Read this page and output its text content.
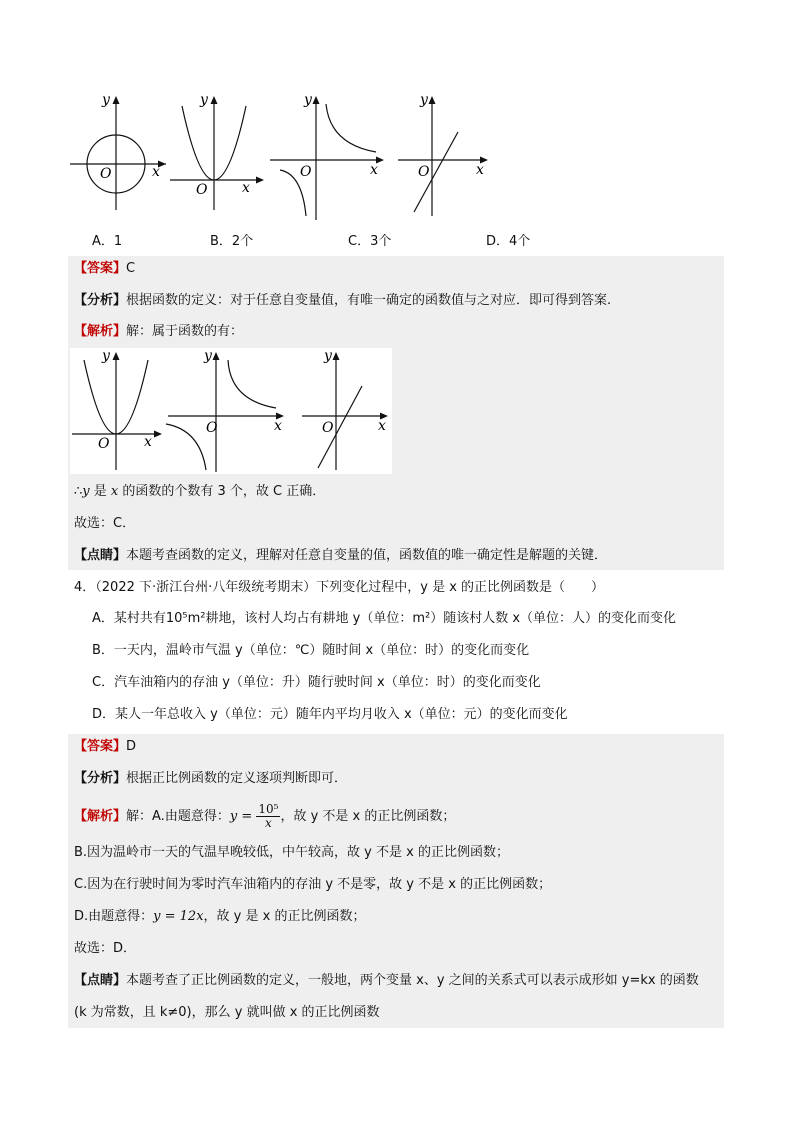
y
x
O
y
x
O
y
x
O
y
x
O
A．1	B．2个	C．3个	D．4个
【答案】C
【分析】根据函数的定义：对于任意自变量值，有唯一确定的函数值与之对应．即可得到答案.
【解析】解：属于函数的有：
y
x
O
y
x
O
y
x
O
∴y 是 x 的函数的个数有 3 个，故 C 正确．
故选：C．
【点睛】本题考查函数的定义，理解对任意自变量的值，函数值的唯一确定性是解题的关键．
4．（2022 下·浙江台州·八年级统考期末）下列变化过程中，y 是 x 的正比例函数是（　　）
A．某村共有10⁵m²耕地，该村人均占有耕地 y（单位：m²）随该村人数 x（单位：人）的变化而变化
B．一天内，温岭市气温 y（单位：℃）随时间 x（单位：时）的变化而变化
C．汽车油箱内的存油 y（单位：升）随行驶时间 x（单位：时）的变化而变化
D．某人一年总收入 y（单位：元）随年内平均月收入 x（单位：元）的变化而变化
【答案】D
【分析】根据正比例函数的定义逐项判断即可．
【解析】解：A.由题意得：$y = \frac{\text{10⁵}}{x}$ ，故 y 不是 x 的正比例函数；
B.因为温岭市一天的气温早晚较低，中午较高，故 y 不是 x 的正比例函数；
C.因为在行驶时间为零时汽车油箱内的存油 y 不是零，故 y 不是 x 的正比例函数；
D.由题意得：y = 12x，故 y 是 x 的正比例函数；
故选：D．
【点睛】本题考查了正比例函数的定义，一般地，两个变量 x、y 之间的关系式可以表示成形如 y=kx 的函数
(k 为常数，且 k≠0)，那么 y 就叫做 x 的正比例函数
